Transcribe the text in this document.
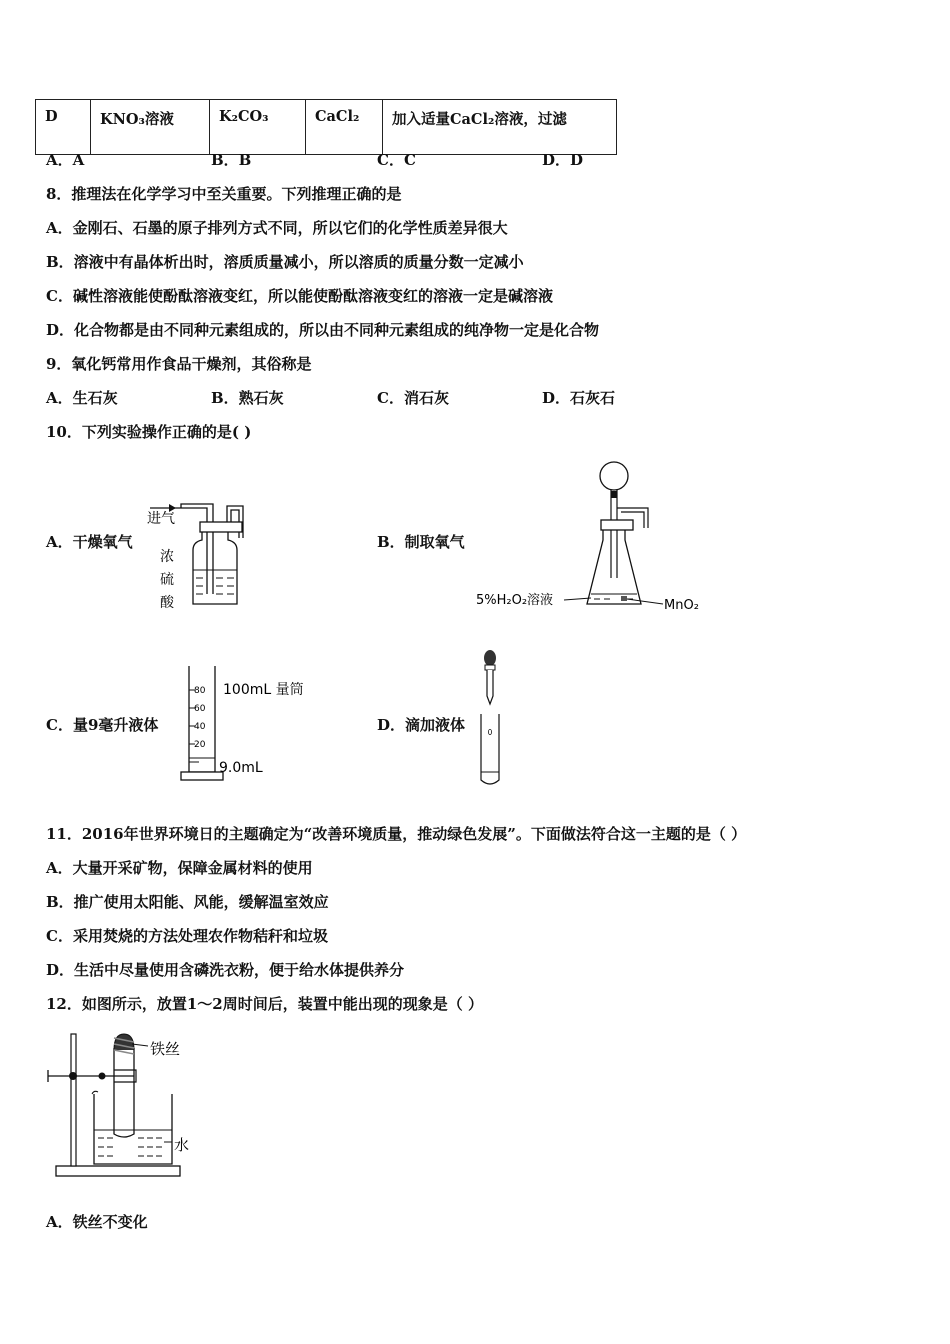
D	KNO₃溶液	K₂CO₃	CaCl₂	加入适量CaCl₂溶液，过滤
A．A	B．B	C．C	D．D
8．推理法在化学学习中至关重要。下列推理正确的是
A．金刚石、石墨的原子排列方式不同，所以它们的化学性质差异很大
B．溶液中有晶体析出时，溶质质量减小，所以溶质的质量分数一定减小
C．碱性溶液能使酚酞溶液变红，所以能使酚酞溶液变红的溶液一定是碱溶液
D．化合物都是由不同种元素组成的，所以由不同种元素组成的纯净物一定是化合物
9．氧化钙常用作食品干燥剂，其俗称是
A．生石灰	B．熟石灰	C．消石灰	D．石灰石
10．下列实验操作正确的是( )
A．干燥氧气	B．制取氧气
C．量9毫升液体	D．滴加液体
进气
浓
硫
酸	5%H₂O₂溶液	MnO₂
80
60
40
20
100mL 量筒
9.0mL
11．2016年世界环境日的主题确定为“改善环境质量，推动绿色发展”。下面做法符合这一主题的是（ ）
A．大量开采矿物，保障金属材料的使用
B．推广使用太阳能、风能，缓解温室效应
C．采用焚烧的方法处理农作物秸秆和垃圾
D．生活中尽量使用含磷洗衣粉，便于给水体提供养分
12．如图所示，放置1～2周时间后，装置中能出现的现象是（ ）
铁丝
水
A．铁丝不变化
